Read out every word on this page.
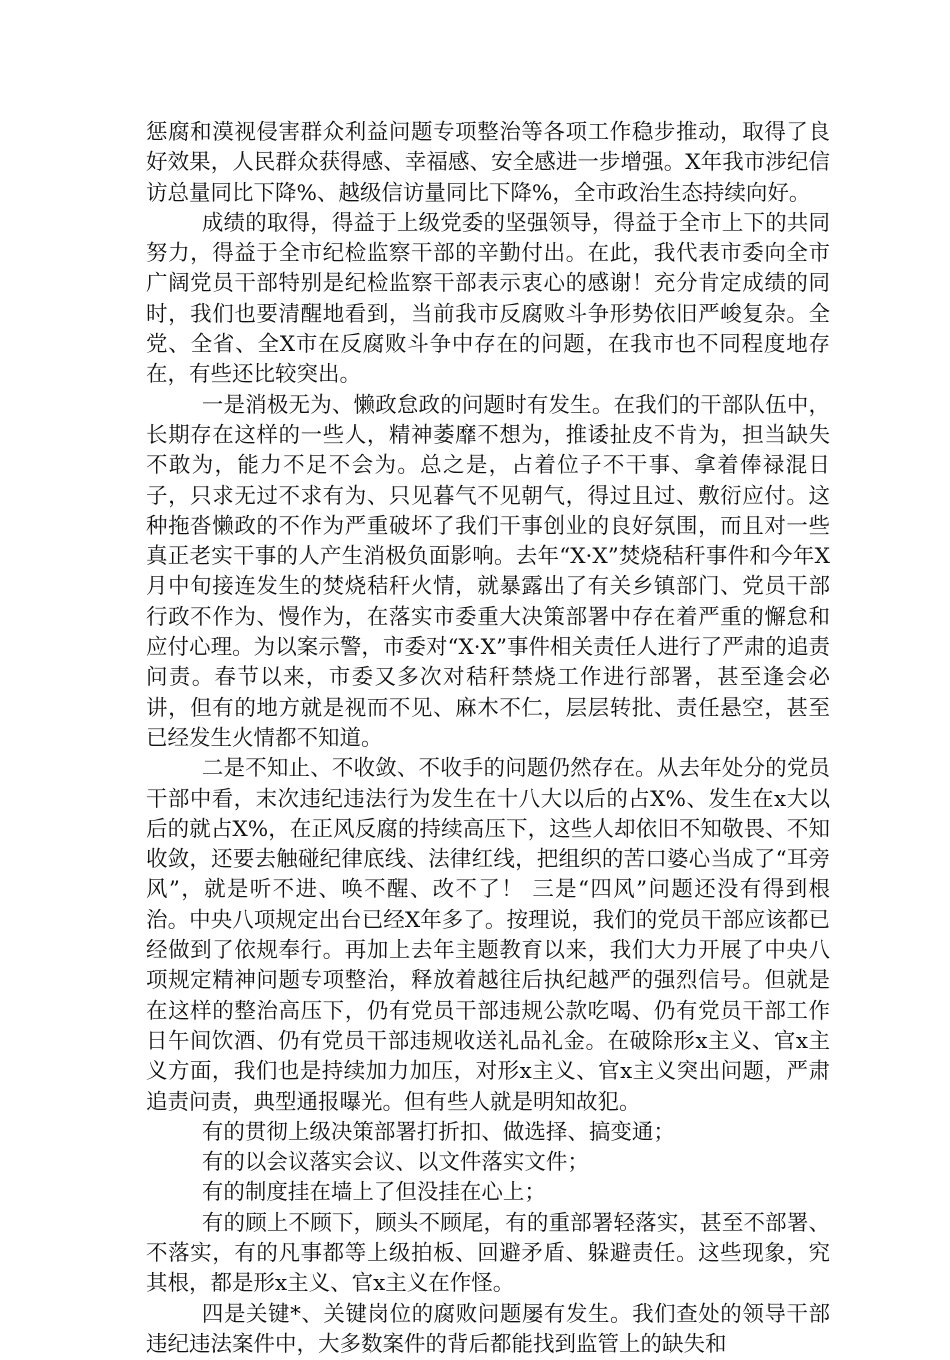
惩腐和漠视侵害群众利益问题专项整治等各项工作稳步推动，取得了良好效果，人民群众获得感、幸福感、安全感进一步增强。X年我市涉纪信访总量同比下降%、越级信访量同比下降%，全市政治生态持续向好。

成绩的取得，得益于上级党委的坚强领导，得益于全市上下的共同努力，得益于全市纪检监察干部的辛勤付出。在此，我代表市委向全市广阔党员干部特别是纪检监察干部表示衷心的感谢！充分肯定成绩的同时，我们也要清醒地看到，当前我市反腐败斗争形势依旧严峻复杂。全党、全省、全X市在反腐败斗争中存在的问题，在我市也不同程度地存在，有些还比较突出。

一是消极无为、懒政怠政的问题时有发生。在我们的干部队伍中，长期存在这样的一些人，精神萎靡不想为，推诿扯皮不肯为，担当缺失不敢为，能力不足不会为。总之是，占着位子不干事、拿着俸禄混日子，只求无过不求有为、只见暮气不见朝气，得过且过、敷衍应付。这种拖沓懒政的不作为严重破坏了我们干事创业的良好氛围，而且对一些真正老实干事的人产生消极负面影响。去年“X·X”焚烧秸秆事件和今年X月中旬接连发生的焚烧秸秆火情，就暴露出了有关乡镇部门、党员干部行政不作为、慢作为，在落实市委重大决策部署中存在着严重的懈怠和应付心理。为以案示警，市委对“X·X”事件相关责任人进行了严肃的追责问责。春节以来，市委又多次对秸秆禁烧工作进行部署，甚至逢会必讲，但有的地方就是视而不见、麻木不仁，层层转批、责任悬空，甚至已经发生火情都不知道。

二是不知止、不收敛、不收手的问题仍然存在。从去年处分的党员干部中看，末次违纪违法行为发生在十八大以后的占X%、发生在x大以后的就占X%，在正风反腐的持续高压下，这些人却依旧不知敬畏、不知收敛，还要去触碰纪律底线、法律红线，把组织的苦口婆心当成了“耳旁风”，就是听不进、唤不醒、改不了！ 三是“四风”问题还没有得到根治。中央八项规定出台已经X年多了。按理说，我们的党员干部应该都已经做到了依规奉行。再加上去年主题教育以来，我们大力开展了中央八项规定精神问题专项整治，释放着越往后执纪越严的强烈信号。但就是在这样的整治高压下，仍有党员干部违规公款吃喝、仍有党员干部工作日午间饮酒、仍有党员干部违规收送礼品礼金。在破除形x主义、官x主义方面，我们也是持续加力加压，对形x主义、官x主义突出问题，严肃追责问责，典型通报曝光。但有些人就是明知故犯。

有的贯彻上级决策部署打折扣、做选择、搞变通；

有的以会议落实会议、以文件落实文件；

有的制度挂在墙上了但没挂在心上；

有的顾上不顾下，顾头不顾尾，有的重部署轻落实，甚至不部署、不落实，有的凡事都等上级拍板、回避矛盾、躲避责任。这些现象，究其根，都是形x主义、官x主义在作怪。

四是关键*、关键岗位的腐败问题屡有发生。我们查处的领导干部违纪违法案件中，大多数案件的背后都能找到监管上的缺失和
